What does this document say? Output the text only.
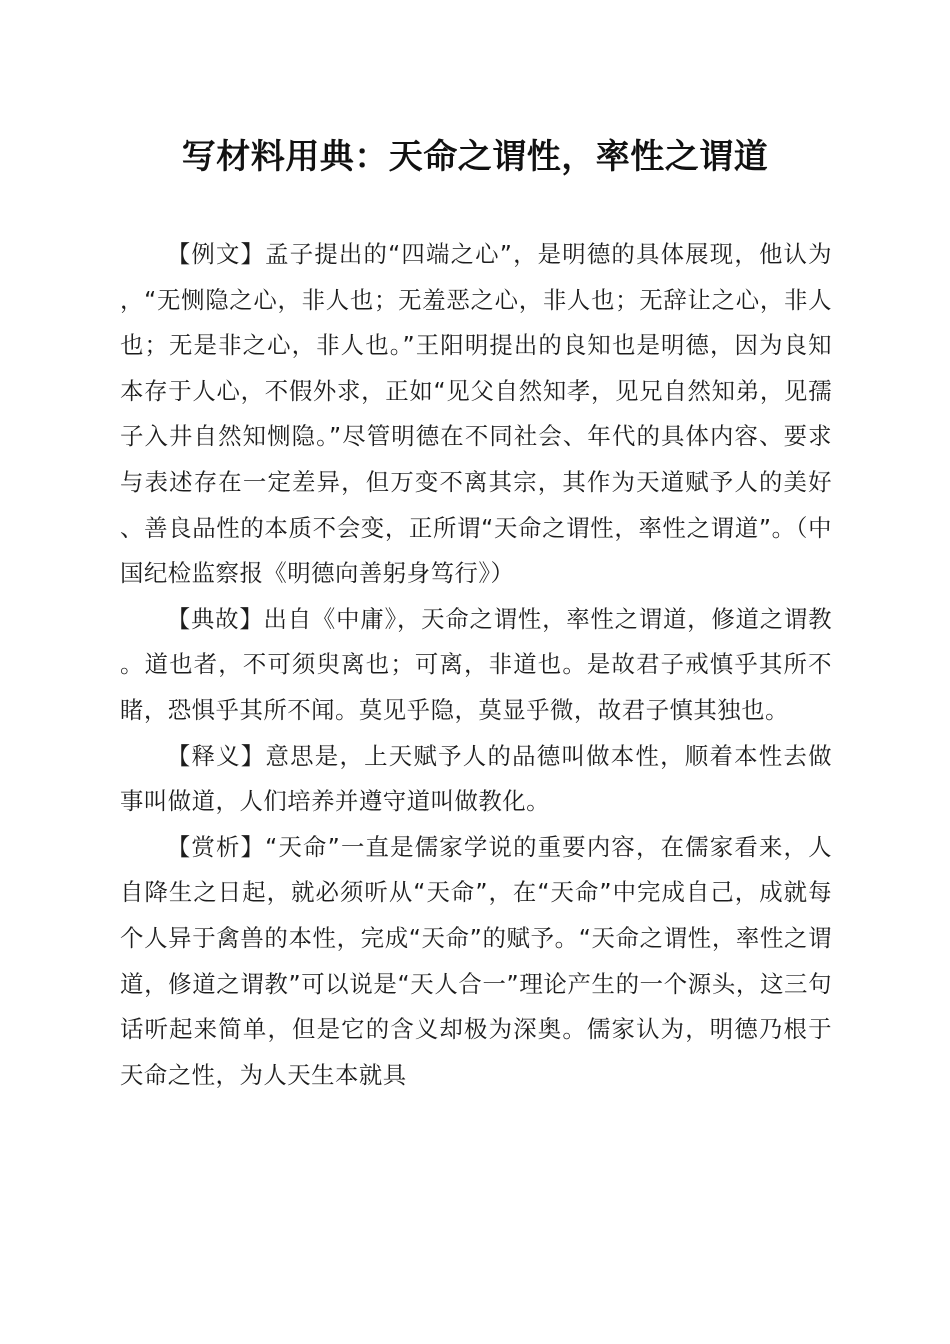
写材料用典：天命之谓性，率性之谓道

【例文】孟子提出的“四端之心”，是明德的具体展现，他认为，“无恻隐之心，非人也；无羞恶之心，非人也；无辞让之心，非人也；无是非之心，非人也。”王阳明提出的良知也是明德，因为良知本存于人心，不假外求，正如“见父自然知孝，见兄自然知弟，见孺子入井自然知恻隐。”尽管明德在不同社会、年代的具体内容、要求与表述存在一定差异，但万变不离其宗，其作为天道赋予人的美好、善良品性的本质不会变，正所谓“天命之谓性，率性之谓道”。（中国纪检监察报《明德向善躬身笃行》）

【典故】出自《中庸》，天命之谓性，率性之谓道，修道之谓教。道也者，不可须臾离也；可离，非道也。是故君子戒慎乎其所不睹，恐惧乎其所不闻。莫见乎隐，莫显乎微，故君子慎其独也。

【释义】意思是，上天赋予人的品德叫做本性，顺着本性去做事叫做道，人们培养并遵守道叫做教化。

【赏析】“天命”一直是儒家学说的重要内容，在儒家看来，人自降生之日起，就必须听从“天命”，在“天命”中完成自己，成就每个人异于禽兽的本性，完成“天命”的赋予。“天命之谓性，率性之谓道，修道之谓教”可以说是“天人合一”理论产生的一个源头，这三句话听起来简单，但是它的含义却极为深奥。儒家认为，明德乃根于天命之性，为人天生本就具
